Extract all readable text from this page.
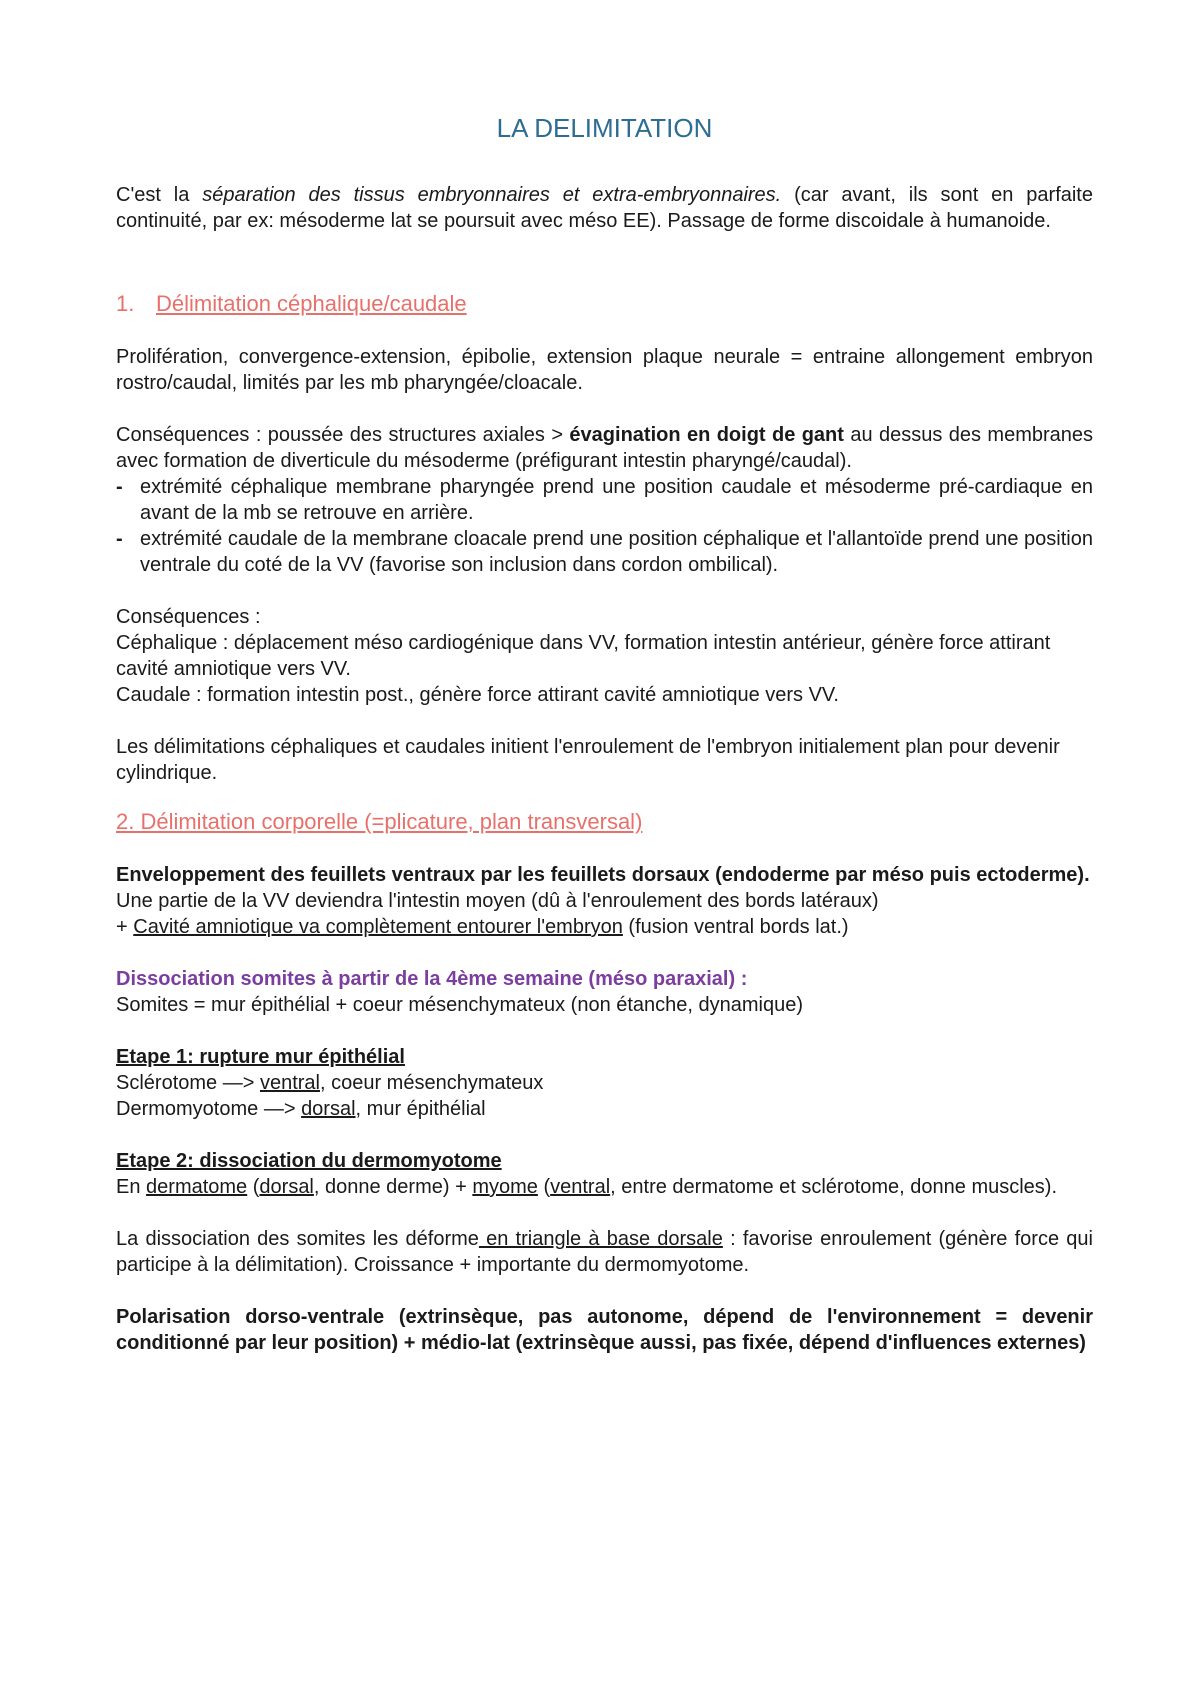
LA DELIMITATION

C'est la séparation des tissus embryonnaires et extra-embryonnaires. (car avant, ils sont en parfaite continuité, par ex: mésoderme lat se poursuit avec méso EE). Passage de forme discoidale à humanoide.

1. Délimitation céphalique/caudale

Prolifération, convergence-extension, épibolie, extension plaque neurale = entraine allongement embryon rostro/caudal, limités par les mb pharyngée/cloacale.

Conséquences : poussée des structures axiales > évagination en doigt de gant au dessus des membranes avec formation de diverticule du mésoderme (préfigurant intestin pharyngé/caudal).

- extrémité céphalique membrane pharyngée prend une position caudale et mésoderme pré-cardiaque en avant de la mb se retrouve en arrière.
- extrémité caudale de la membrane cloacale prend une position céphalique et l'allantoïde prend une position ventrale du coté de la VV (favorise son inclusion dans cordon ombilical).

Conséquences :

Céphalique : déplacement méso cardiogénique dans VV, formation intestin antérieur, génère force attirant cavité amniotique vers VV.

Caudale : formation intestin post., génère force attirant cavité amniotique vers VV.

Les délimitations céphaliques et caudales initient l'enroulement de l'embryon initialement plan pour devenir cylindrique.

2. Délimitation corporelle (=plicature, plan transversal)

Enveloppement des feuillets ventraux par les feuillets dorsaux (endoderme par méso puis ectoderme).

Une partie de la VV deviendra l'intestin moyen (dû à l'enroulement des bords latéraux)

+ Cavité amniotique va complètement entourer l'embryon (fusion ventral bords lat.)

Dissociation somites à partir de la 4ème semaine (méso paraxial) :

Somites = mur épithélial + coeur mésenchymateux (non étanche, dynamique)

Etape 1: rupture mur épithélial

Sclérotome —> ventral, coeur mésenchymateux

Dermomyotome —> dorsal, mur épithélial

Etape 2: dissociation du dermomyotome

En dermatome (dorsal, donne derme) + myome (ventral, entre dermatome et sclérotome, donne muscles).

La dissociation des somites les déforme en triangle à base dorsale : favorise enroulement (génère force qui participe à la délimitation). Croissance + importante du dermomyotome.

Polarisation dorso-ventrale (extrinsèque, pas autonome, dépend de l'environnement = devenir conditionné par leur position) + médio-lat (extrinsèque aussi, pas fixée, dépend d'influences externes)
